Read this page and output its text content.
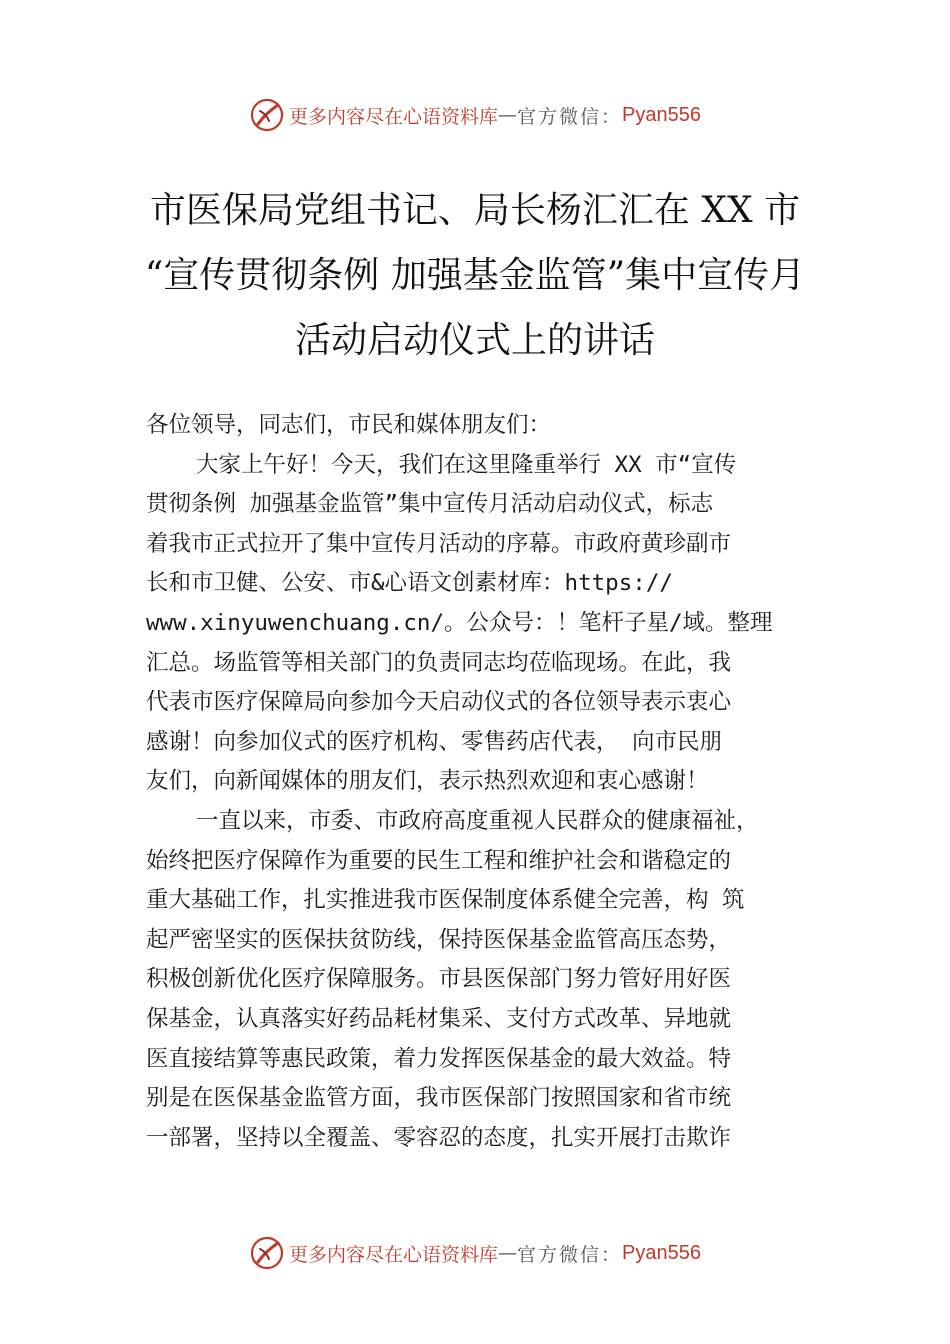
更多内容尽在心语资料库 — 官方微信： Pyan556
市医保局党组书记、局长杨汇汇在 XX 市
“宣传贯彻条例 加强基金监管”集中宣传月
活动启动仪式上的讲话
各位领导，同志们，市民和媒体朋友们：
大家上午好！今天，我们在这里隆重举行 XX 市“宣传
贯彻条例 加强基金监管”集中宣传月活动启动仪式，标志
着我市正式拉开了集中宣传月活动的序幕。市政府黄珍副市
长和市卫健、公安、市&心语文创素材库：https://
www.xinyuwenchuang.cn/。公众号：！笔杆子星/域。整理
汇总。场监管等相关部门的负责同志均莅临现场。在此，我
代表市医疗保障局向参加今天启动仪式的各位领导表示衷心
感谢！向参加仪式的医疗机构、零售药店代表， 向市民朋
友们，向新闻媒体的朋友们，表示热烈欢迎和衷心感谢！
一直以来，市委、市政府高度重视人民群众的健康福祉，
始终把医疗保障作为重要的民生工程和维护社会和谐稳定的
重大基础工作，扎实推进我市医保制度体系健全完善，构 筑
起严密坚实的医保扶贫防线，保持医保基金监管高压态势，
积极创新优化医疗保障服务。市县医保部门努力管好用好医
保基金，认真落实好药品耗材集采、支付方式改革、异地就
医直接结算等惠民政策，着力发挥医保基金的最大效益。特
别是在医保基金监管方面，我市医保部门按照国家和省市统
一部署，坚持以全覆盖、零容忍的态度，扎实开展打击欺诈
更多内容尽在心语资料库 — 官方微信： Pyan556
